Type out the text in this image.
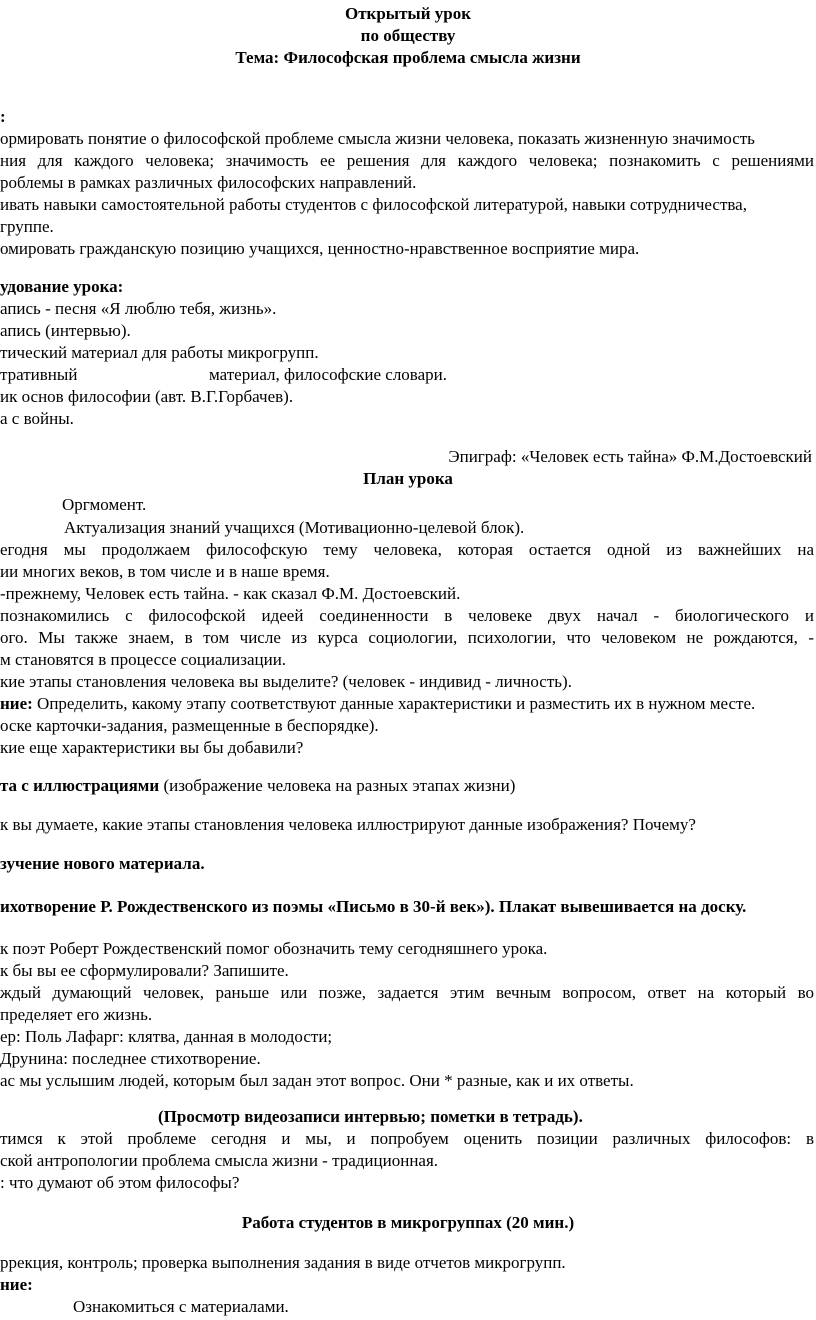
Открытый урок
по обществу
Тема: Философская проблема смысла жизни
:
ормировать понятие о философской проблеме смысла жизни человека, показать жизненную значимость
ния для каждого человека; значимость ее решения для каждого человека; познакомить с решениями
роблемы в рамках различных философских направлений.
ивать навыки самостоятельной работы студентов с философской литературой, навыки сотрудничества,
группе.
омировать гражданскую позицию учащихся, ценностно-нравственное восприятие мира.
удование урока:
апись - песня «Я люблю тебя, жизнь».
апись (интервью).
тический материал для работы микрогрупп.
тративный	материал, философские словари.
ик основ философии (авт. В.Г.Горбачев).
а с войны.
Эпиграф: «Человек есть тайна» Ф.М.Достоевский
План урока
Оргмомент.
Актуализация знаний учащихся (Мотивационно-целевой блок).
егодня мы продолжаем философскую тему человека, которая остается одной из важнейших на
ии многих веков, в том числе и в наше время.
-прежнему, Человек есть тайна. - как сказал Ф.М. Достоевский.
познакомились с философской идеей соединенности в человеке двух начал - биологического и
ого. Мы также знаем, в том числе из курса социологии, психологии, что человеком не рождаются, -
м становятся в процессе социализации.
кие этапы становления человека вы выделите? (человек - индивид - личность).
ние: Определить, какому этапу соответствуют данные характеристики и разместить их в нужном месте.
оске карточки-задания, размещенные в беспорядке).
кие еще характеристики вы бы добавили?
та с иллюстрациями (изображение человека на разных этапах жизни)
к вы думаете, какие этапы становления человека иллюстрируют данные изображения? Почему?
зучение нового материала.
ихотворение Р. Рождественского из поэмы «Письмо в 30-й век»). Плакат вывешивается на доску.
к поэт Роберт Рождественский помог обозначить тему сегодняшнего урока.
к бы вы ее сформулировали? Запишите.
ждый думающий человек, раньше или позже, задается этим вечным вопросом, ответ на который во
пределяет его жизнь.
ер: Поль Лафарг: клятва, данная в молодости;
Друнина: последнее стихотворение.
ас мы услышим людей, которым был задан этот вопрос. Они * разные, как и их ответы.
(Просмотр видеозаписи интервью; пометки в тетрадь).
тимся к этой проблеме сегодня и мы, и попробуем оценить позиции различных философов: в
ской антропологии проблема смысла жизни - традиционная.
: что думают об этом философы?
Работа студентов в микрогруппах (20 мин.)
ррекция, контроль; проверка выполнения задания в виде отчетов микрогрупп.
ние:
Ознакомиться с материалами.
